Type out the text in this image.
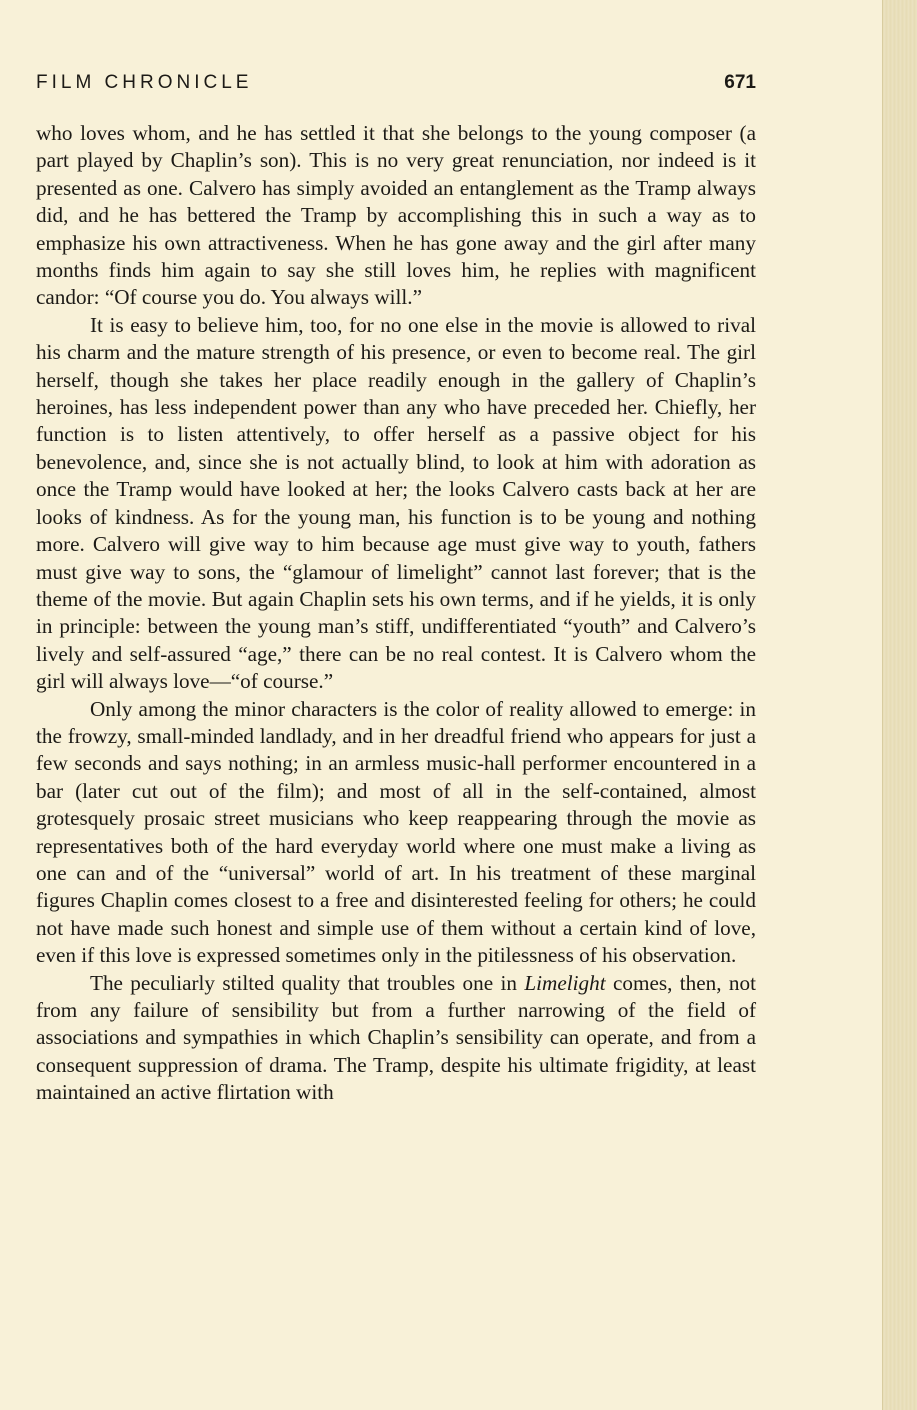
FILM CHRONICLE	671

who loves whom, and he has settled it that she belongs to the young composer (a part played by Chaplin’s son). This is no very great renunciation, nor indeed is it presented as one. Calvero has simply avoided an entanglement as the Tramp always did, and he has bettered the Tramp by accomplishing this in such a way as to emphasize his own attractiveness. When he has gone away and the girl after many months finds him again to say she still loves him, he replies with magnificent candor: “Of course you do. You always will.”

It is easy to believe him, too, for no one else in the movie is allowed to rival his charm and the mature strength of his presence, or even to become real. The girl herself, though she takes her place readily enough in the gallery of Chaplin’s heroines, has less independent power than any who have preceded her. Chiefly, her function is to listen attentively, to offer herself as a passive object for his benevolence, and, since she is not actually blind, to look at him with adoration as once the Tramp would have looked at her; the looks Calvero casts back at her are looks of kindness. As for the young man, his function is to be young and nothing more. Calvero will give way to him because age must give way to youth, fathers must give way to sons, the “glamour of limelight” cannot last forever; that is the theme of the movie. But again Chaplin sets his own terms, and if he yields, it is only in principle: between the young man’s stiff, undifferentiated “youth” and Calvero’s lively and self-assured “age,” there can be no real contest. It is Calvero whom the girl will always love—“of course.”

Only among the minor characters is the color of reality allowed to emerge: in the frowzy, small-minded landlady, and in her dreadful friend who appears for just a few seconds and says nothing; in an armless music-hall performer encountered in a bar (later cut out of the film); and most of all in the self-contained, almost grotesquely prosaic street musicians who keep reappearing through the movie as representatives both of the hard everyday world where one must make a living as one can and of the “universal” world of art. In his treatment of these marginal figures Chaplin comes closest to a free and disinterested feeling for others; he could not have made such honest and simple use of them without a certain kind of love, even if this love is expressed sometimes only in the pitilessness of his observation.

The peculiarly stilted quality that troubles one in Limelight comes, then, not from any failure of sensibility but from a further narrowing of the field of associations and sympathies in which Chaplin’s sensibility can operate, and from a consequent suppression of drama. The Tramp, despite his ultimate frigidity, at least maintained an active flirtation with
